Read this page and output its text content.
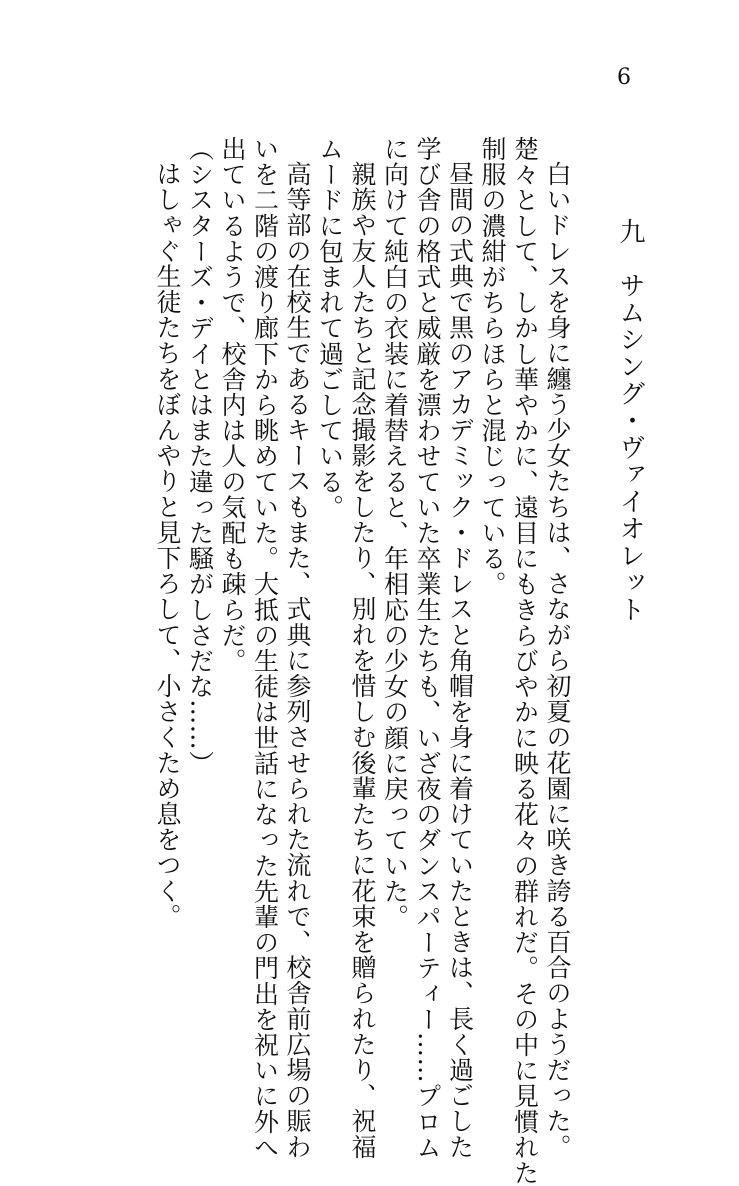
6
九　サムシング・ヴァイオレット

白いドレスを身に纏う少女たちは、さながら初夏の花園に咲き誇る百合のようだった。

楚々として、しかし華やかに、遠目にもきらびやかに映る花々の群れだ。その中に見慣れた

制服の濃紺がちらほらと混じっている。

昼間の式典で黒のアカデミック・ドレスと角帽を身に着けていたときは、長く過ごした

学び舎の格式と威厳を漂わせていた卒業生たちも、いざ夜のダンスパーティー……プロム

に向けて純白の衣装に着替えると、年相応の少女の顔に戻っていた。

親族や友人たちと記念撮影をしたり、別れを惜しむ後輩たちに花束を贈られたり、祝福

ムードに包まれて過ごしている。

高等部の在校生であるキースもまた、式典に参列させられた流れで、校舎前広場の賑わ

いを二階の渡り廊下から眺めていた。大抵の生徒は世話になった先輩の門出を祝いに外へ

出ているようで、校舎内は人の気配も疎らだ。

（シスターズ・デイとはまた違った騒がしさだな……）

はしゃぐ生徒たちをぼんやりと見下ろして、小さくため息をつく。
